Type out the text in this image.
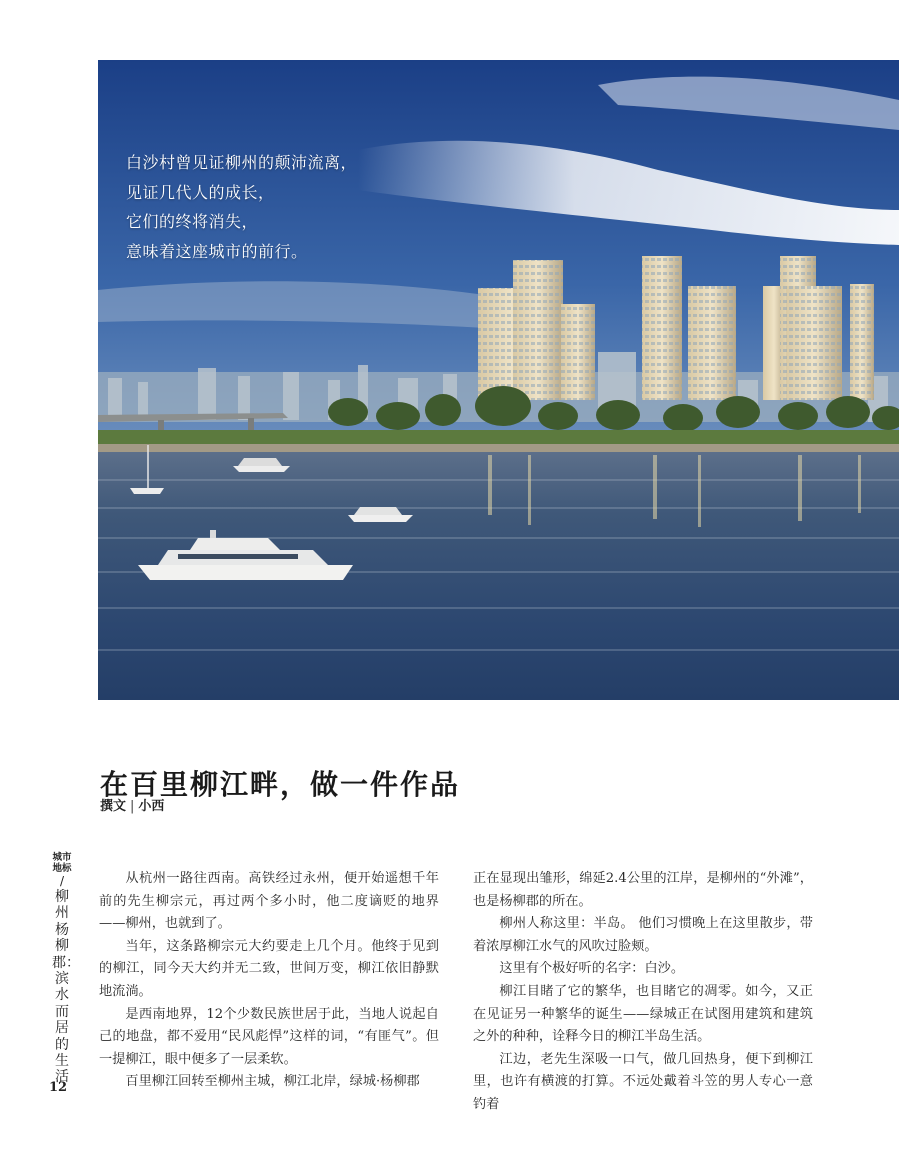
白沙村曾见证柳州的颠沛流离，
见证几代人的成长，
它们的终将消失，
意味着这座城市的前行。
在百里柳江畔，做一件作品
撰文 | 小西
城市地标
/
柳州杨柳郡：滨水而居的生活
12

从杭州一路往西南。高铁经过永州，便开始遥想千年前的先生柳宗元，再过两个多小时，他二度谪贬的地界——柳州，也就到了。

当年，这条路柳宗元大约要走上几个月。他终于见到的柳江，同今天大约并无二致，世间万变，柳江依旧静默地流淌。

是西南地界，12个少数民族世居于此，当地人说起自己的地盘，都不爱用“民风彪悍”这样的词，“有匪气”。但一提柳江，眼中便多了一层柔软。

百里柳江回转至柳州主城，柳江北岸，绿城·杨柳郡

正在显现出雏形，绵延2.4公里的江岸，是柳州的“外滩”，也是杨柳郡的所在。

柳州人称这里：半岛。 他们习惯晚上在这里散步，带着浓厚柳江水气的风吹过脸颊。

这里有个极好听的名字：白沙。

柳江目睹了它的繁华，也目睹它的凋零。如今，又正在见证另一种繁华的诞生——绿城正在试图用建筑和建筑之外的种种，诠释今日的柳江半岛生活。

江边，老先生深吸一口气，做几回热身，便下到柳江里，也许有横渡的打算。不远处戴着斗笠的男人专心一意钓着
